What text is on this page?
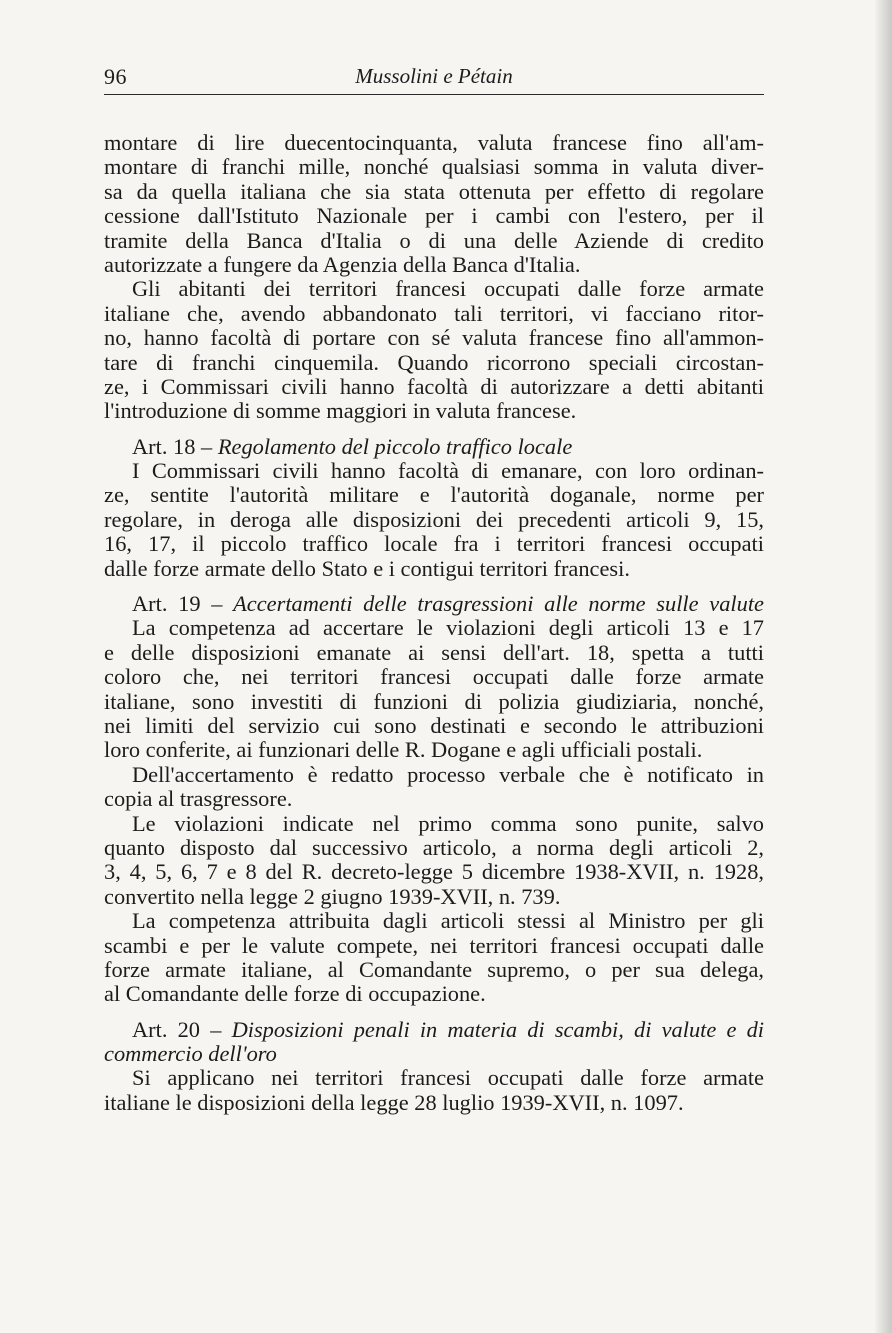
96	Mussolini e Pétain
montare di lire duecentocinquanta, valuta francese fino all'am-
montare di franchi mille, nonché qualsiasi somma in valuta diver-
sa da quella italiana che sia stata ottenuta per effetto di regolare
cessione dall'Istituto Nazionale per i cambi con l'estero, per il
tramite della Banca d'Italia o di una delle Aziende di credito
autorizzate a fungere da Agenzia della Banca d'Italia.
Gli abitanti dei territori francesi occupati dalle forze armate
italiane che, avendo abbandonato tali territori, vi facciano ritor-
no, hanno facoltà di portare con sé valuta francese fino all'ammon-
tare di franchi cinquemila. Quando ricorrono speciali circostan-
ze, i Commissari civili hanno facoltà di autorizzare a detti abitanti
l'introduzione di somme maggiori in valuta francese.
Art. 18 – Regolamento del piccolo traffico locale
I Commissari civili hanno facoltà di emanare, con loro ordinan-
ze, sentite l'autorità militare e l'autorità doganale, norme per
regolare, in deroga alle disposizioni dei precedenti articoli 9, 15,
16, 17, il piccolo traffico locale fra i territori francesi occupati
dalle forze armate dello Stato e i contigui territori francesi.
Art. 19 – Accertamenti delle trasgressioni alle norme sulle valute
La competenza ad accertare le violazioni degli articoli 13 e 17
e delle disposizioni emanate ai sensi dell'art. 18, spetta a tutti
coloro che, nei territori francesi occupati dalle forze armate
italiane, sono investiti di funzioni di polizia giudiziaria, nonché,
nei limiti del servizio cui sono destinati e secondo le attribuzioni
loro conferite, ai funzionari delle R. Dogane e agli ufficiali postali.
Dell'accertamento è redatto processo verbale che è notificato in
copia al trasgressore.
Le violazioni indicate nel primo comma sono punite, salvo
quanto disposto dal successivo articolo, a norma degli articoli 2,
3, 4, 5, 6, 7 e 8 del R. decreto-legge 5 dicembre 1938-XVII, n. 1928,
convertito nella legge 2 giugno 1939-XVII, n. 739.
La competenza attribuita dagli articoli stessi al Ministro per gli
scambi e per le valute compete, nei territori francesi occupati dalle
forze armate italiane, al Comandante supremo, o per sua delega,
al Comandante delle forze di occupazione.
Art. 20 – Disposizioni penali in materia di scambi, di valute e di
commercio dell'oro
Si applicano nei territori francesi occupati dalle forze armate
italiane le disposizioni della legge 28 luglio 1939-XVII, n. 1097.
